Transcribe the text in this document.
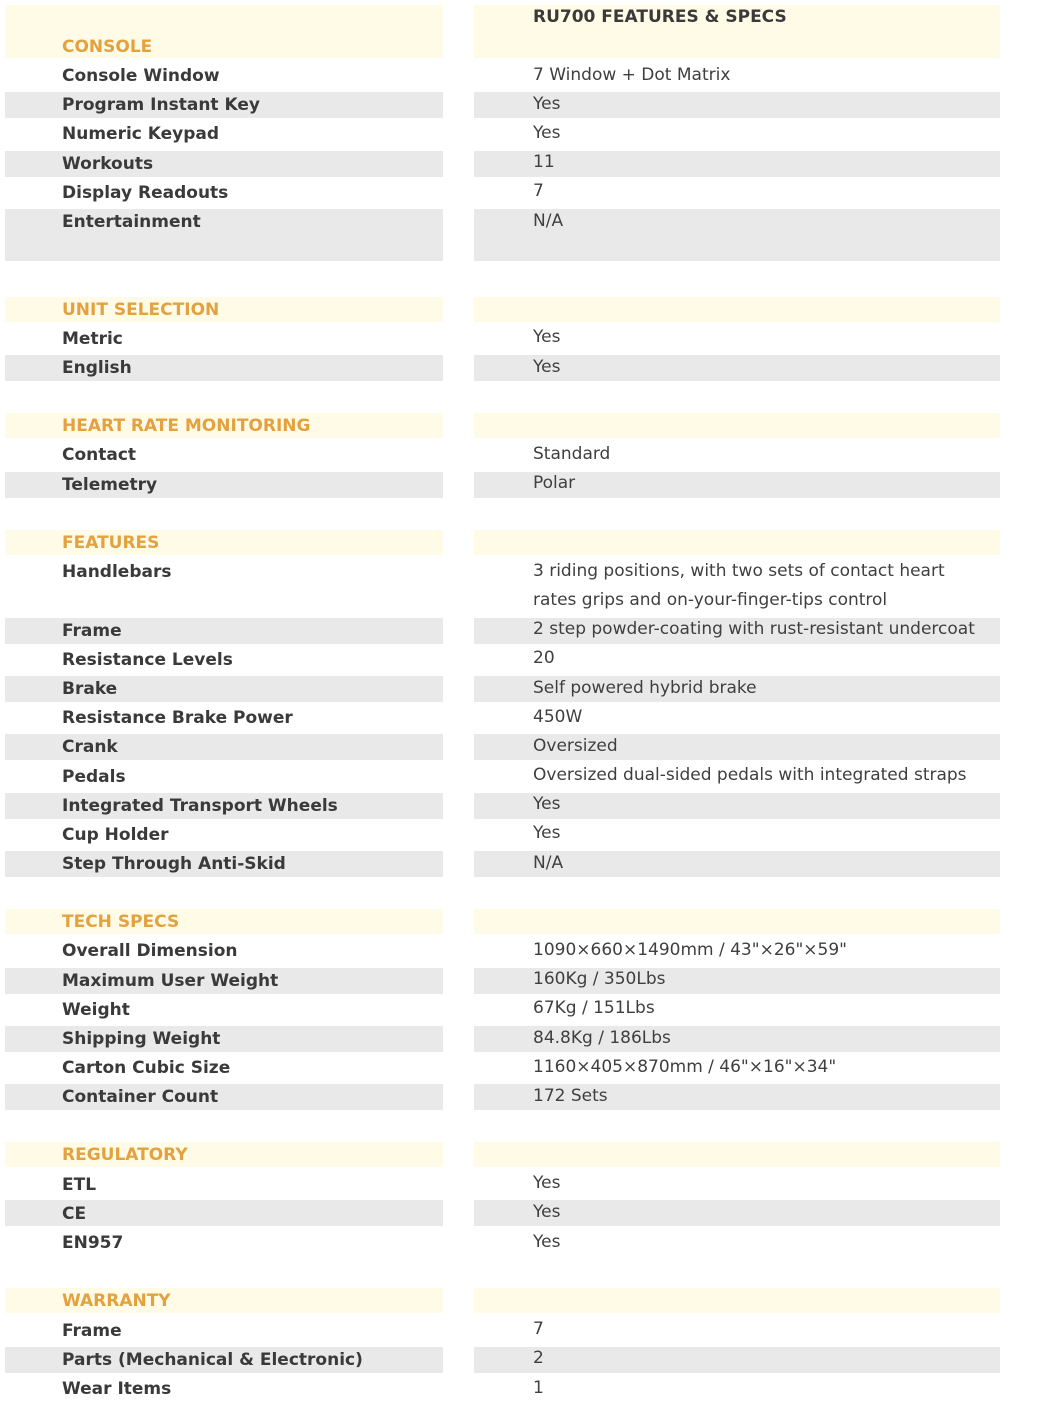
RU700 FEATURES & SPECS
CONSOLE
Console Window	7 Window + Dot Matrix
Program Instant Key	Yes
Numeric Keypad	Yes
Workouts	11
Display Readouts	7
Entertainment	N/A
UNIT SELECTION
Metric	Yes
English	Yes
HEART RATE MONITORING
Contact	Standard
Telemetry	Polar
FEATURES
Handlebars	3 riding positions, with two sets of contact heart
rates grips and on-your-finger-tips control
Frame	2 step powder-coating with rust-resistant undercoat
Resistance Levels	20
Brake	Self powered hybrid brake
Resistance Brake Power	450W
Crank	Oversized
Pedals	Oversized dual-sided pedals with integrated straps
Integrated Transport Wheels	Yes
Cup Holder	Yes
Step Through Anti-Skid	N/A
TECH SPECS
Overall Dimension	1090×660×1490mm / 43"×26"×59"
Maximum User Weight	160Kg / 350Lbs
Weight	67Kg / 151Lbs
Shipping Weight	84.8Kg / 186Lbs
Carton Cubic Size	1160×405×870mm / 46"×16"×34"
Container Count	172 Sets
REGULATORY
ETL	Yes
CE	Yes
EN957	Yes
WARRANTY
Frame	7
Parts (Mechanical & Electronic)	2
Wear Items	1
